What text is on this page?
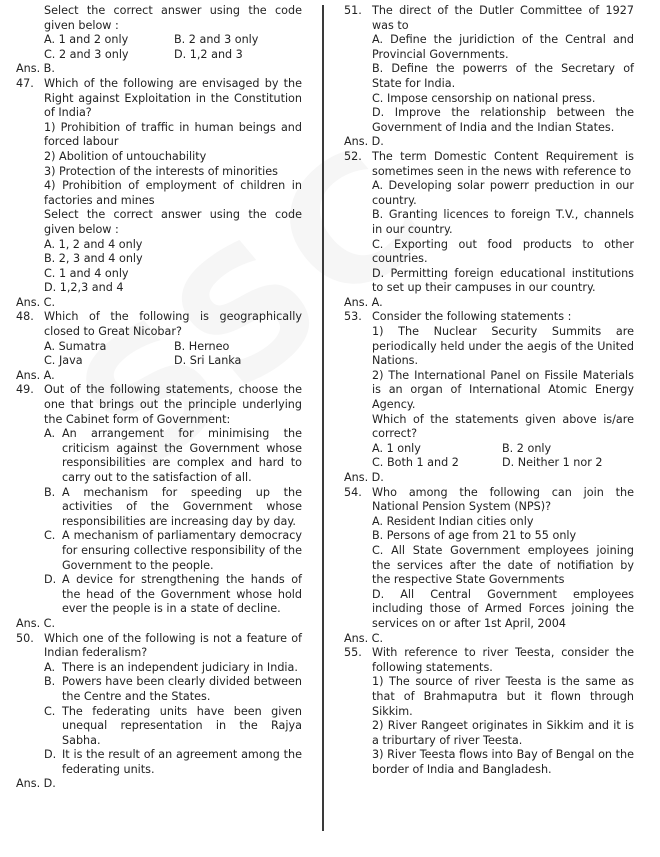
Select the correct answer using the code given below :
A. 1 and 2 only	B. 2 and 3 only
C. 2 and 3 only	D. 1,2 and 3
Ans. B.
47. Which of the following are envisaged by the Right against Exploitation in the Constitution of India?
1) Prohibition of traffic in human beings and forced labour
2) Abolition of untouchability
3) Protection of the interests of minorities
4) Prohibition of employment of children in factories and mines
Select the correct answer using the code given below :
A. 1, 2 and 4 only
B. 2, 3 and 4 only
C. 1 and 4 only
D. 1,2,3 and 4
Ans. C.
48. Which of the following is geographically closed to Great Nicobar?
A. Sumatra	B. Herneo
C. Java	D. Sri Lanka
Ans. A.
49. Out of the following statements, choose the one that brings out the principle underlying the Cabinet form of Government:
A. An arrangement for minimising the criticism against the Government whose responsibilities are complex and hard to carry out to the satisfaction of all.
B. A mechanism for speeding up the activities of the Government whose responsibilities are increasing day by day.
C. A mechanism of parliamentary democracy for ensuring collective responsibility of the Government to the people.
D. A device for strengthening the hands of the head of the Government whose hold ever the people is in a state of decline.
Ans. C.
50. Which one of the following is not a feature of Indian federalism?
A. There is an independent judiciary in India.
B. Powers have been clearly divided between the Centre and the States.
C. The federating units have been given unequal representation in the Rajya Sabha.
D. It is the result of an agreement among the federating units.
Ans. D.
51. The direct of the Dutler Committee of 1927 was to
A. Define the juridiction of the Central and Provincial Governments.
B. Define the powerrs of the Secretary of State for India.
C. Impose censorship on national press.
D. Improve the relationship between the Government of India and the Indian States.
Ans. D.
52. The term Domestic Content Requirement is sometimes seen in the news with reference to
A. Developing solar powerr preduction in our country.
B. Granting licences to foreign T.V., channels in our country.
C. Exporting out food products to other countries.
D. Permitting foreign educational institutions to set up their campuses in our country.
Ans. A.
53. Consider the following statements :
1) The Nuclear Security Summits are periodically held under the aegis of the United Nations.
2) The International Panel on Fissile Materials is an organ of International Atomic Energy Agency.
Which of the statements given above is/are correct?
A. 1 only	B. 2 only
C. Both 1 and 2	D. Neither 1 nor 2
Ans. D.
54. Who among the following can join the National Pension System (NPS)?
A. Resident Indian cities only
B. Persons of age from 21 to 55 only
C. All State Government employees joining the services after the date of notifiation by the respective State Governments
D. All Central Government employees including those of Armed Forces joining the services on or after 1st April, 2004
Ans. C.
55. With reference to river Teesta, consider the following statements.
1) The source of river Teesta is the same as that of Brahmaputra but it flown through Sikkim.
2) River Rangeet originates in Sikkim and it is a triburtary of river Teesta.
3) River Teesta flows into Bay of Bengal on the border of India and Bangladesh.
